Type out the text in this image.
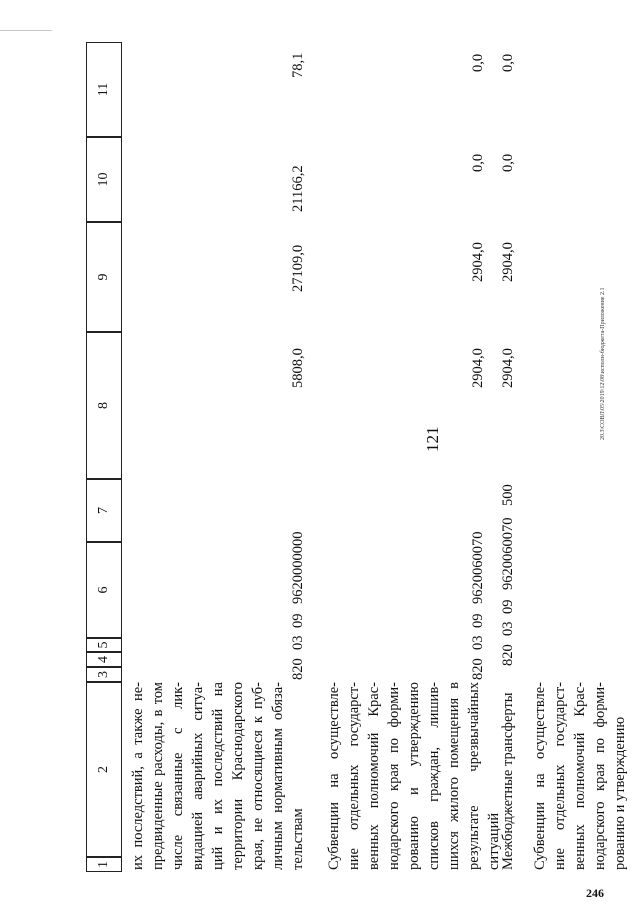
121	20.3\СОВЛ\05\2019\12\08\исполн-бюджета-Приложение 2.1
246
1
2
3
4
5
6
7
8
9
10
11
их последствий, а также не-предвиденные расходы, в том числе связанные с лик-видацией аварийных ситуа-ций и их последствий на территории Краснодарского края, не относящиеся к пуб-личным нормативным обяза-тельствам
820
03
09
9620000000
5808,0
27109,0
21166,2
78,1
Субвенции на осуществле-ние отдельных государст-венных полномочий Крас-нодарского края по форми-рованию и утверждению списков граждан, лишив-шихся жилого помещения в результате чрезвычайных ситуаций
820
03
09
9620060070
2904,0
2904,0
0,0
0,0
Межбюджетные трансферты
820
03
09
9620060070
500
2904,0
2904,0
0,0
0,0
Субвенции на осуществле-ние отдельных государст-венных полномочий Крас-нодарского края по форми-рованию и утверждению
